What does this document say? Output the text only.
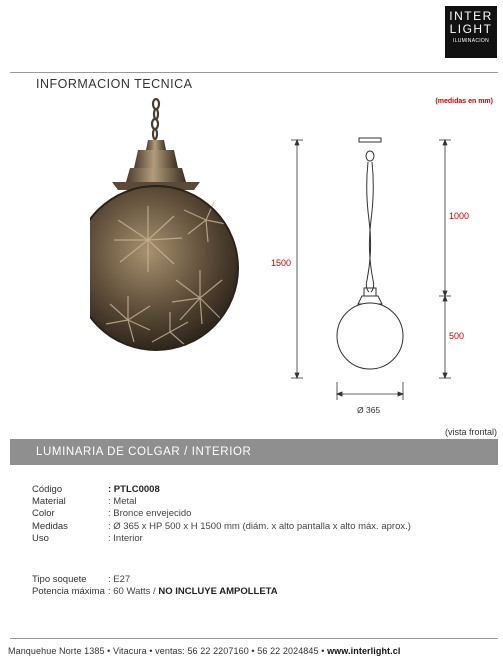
INTER
LIGHT
ILUMINACION
INFORMACION TECNICA
(medidas en mm)
1500
1000
500
Ø 365
(vista frontal)
LUMINARIA DE COLGAR / INTERIOR
Código	: PTLC0008
Material	: Metal
Color	: Bronce envejecido
Medidas	: Ø 365 x HP 500 x H 1500 mm (diám. x alto pantalla x alto máx. aprox.)
Uso	: Interior
Tipo soquete : E27
Potencia máxima : 60 Watts / NO INCLUYE AMPOLLETA
Manquehue Norte 1385 • Vitacura • ventas: 56 22 2207160 • 56 22 2024845 • www.interlight.cl
